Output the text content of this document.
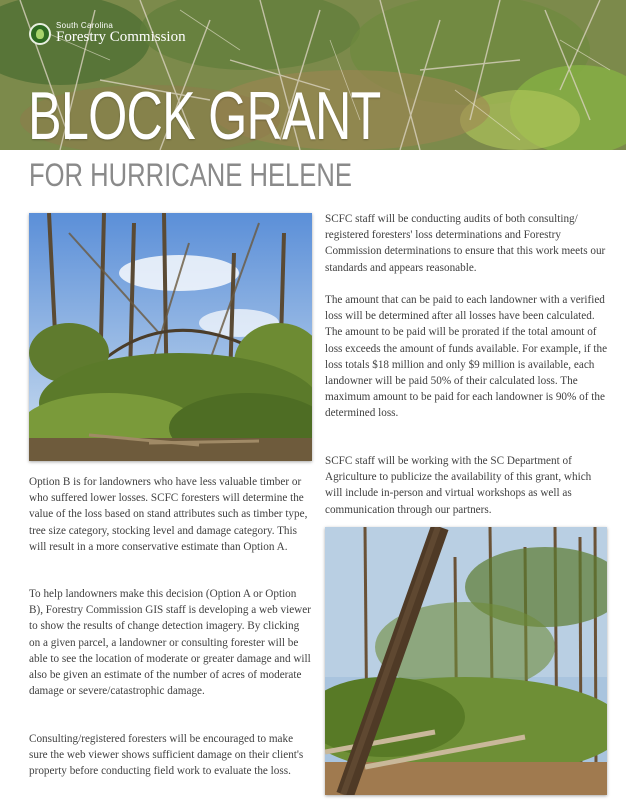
South Carolina
Forestry Commission
BLOCK GRANT
FOR HURRICANE HELENE

Option B is for landowners who have less valuable timber or who suffered lower losses. SCFC foresters will determine the value of the loss based on stand attributes such as timber type, tree size category, stocking level and damage category. This will result in a more conservative estimate than Option A.

To help landowners make this decision (Option A or Option B), Forestry Commission GIS staff is developing a web viewer to show the results of change detection imagery. By clicking on a given parcel, a landowner or consulting forester will be able to see the location of moderate or greater damage and will also be given an estimate of the number of acres of moderate damage or severe/catastrophic damage.

Consulting/registered foresters will be encouraged to make sure the web viewer shows sufficient damage on their client's property before conducting field work to evaluate the loss.

SCFC staff will be conducting audits of both consulting/ registered foresters' loss determinations and Forestry Commission determinations to ensure that this work meets our standards and appears reasonable.

The amount that can be paid to each landowner with a verified loss will be determined after all losses have been calculated. The amount to be paid will be prorated if the total amount of loss exceeds the amount of funds available. For example, if the loss totals $18 million and only $9 million is available, each landowner will be paid 50% of their calculated loss. The maximum amount to be paid for each landowner is 90% of the determined loss.

SCFC staff will be working with the SC Department of Agriculture to publicize the availability of this grant, which will include in-person and virtual workshops as well as communication through our partners.
